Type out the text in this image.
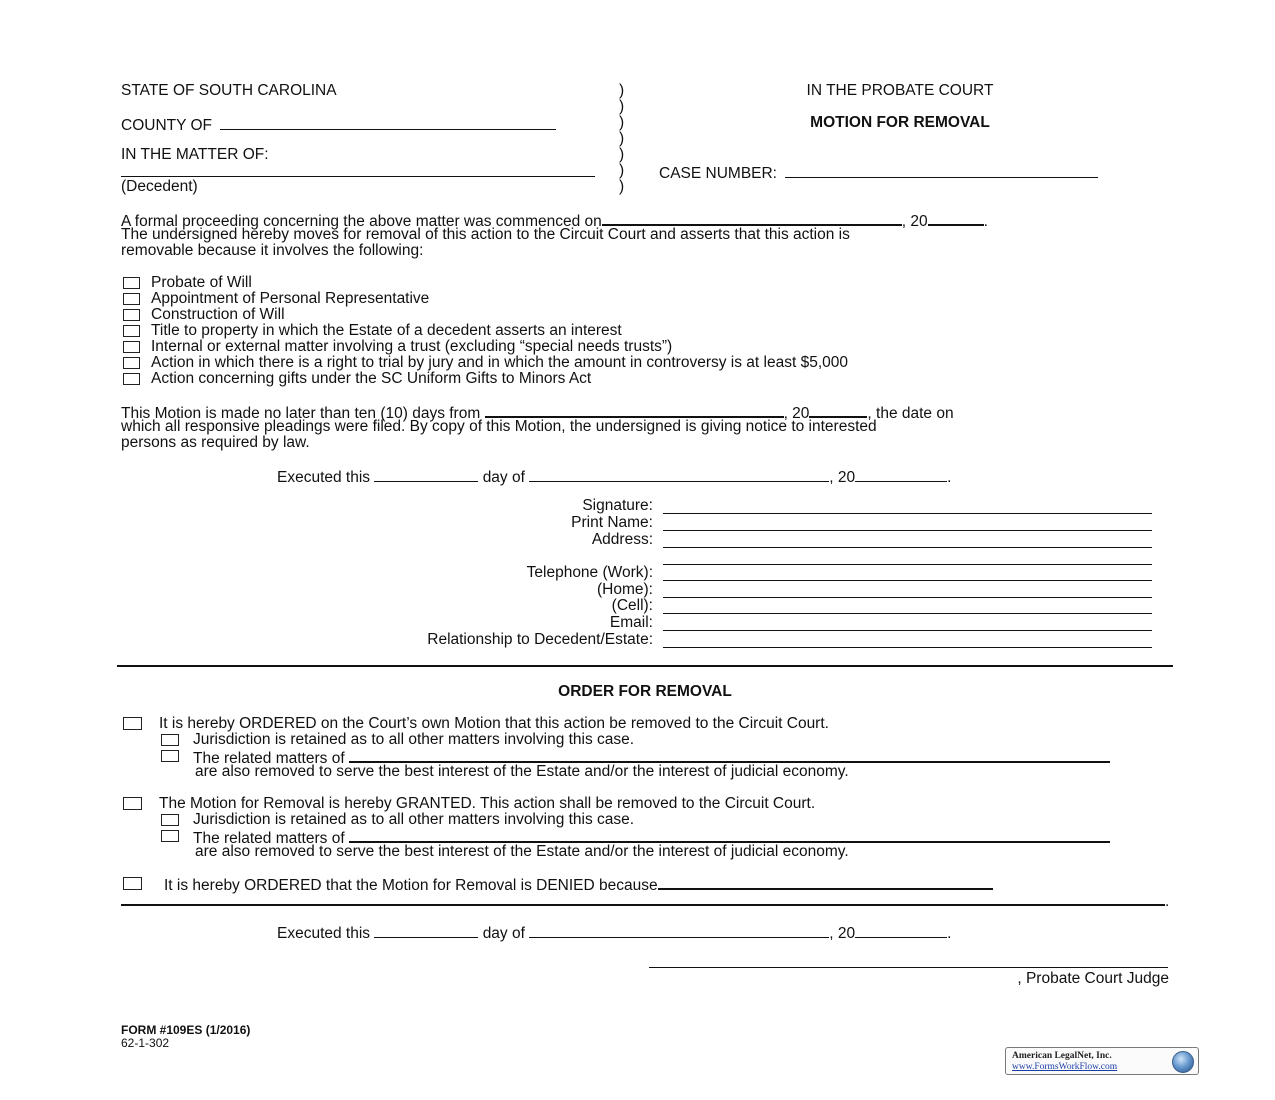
STATE OF SOUTH CAROLINA
COUNTY OF
IN THE MATTER OF:
(Decedent)
)
)
)
)
)
)
)
IN THE PROBATE COURT
MOTION FOR REMOVAL
CASE NUMBER:
A formal proceeding concerning the above matter was commenced on	, 20	.
The undersigned hereby moves for removal of this action to the Circuit Court and asserts that this action is
removable because it involves the following:
Probate of Will
Appointment of Personal Representative
Construction of Will
Title to property in which the Estate of a decedent asserts an interest
Internal or external matter involving a trust (excluding “special needs trusts”)
Action in which there is a right to trial by jury and in which the amount in controversy is at least $5,000
Action concerning gifts under the SC Uniform Gifts to Minors Act
This Motion is made no later than ten (10) days from	, 20	, the date on
which all responsive pleadings were filed. By copy of this Motion, the undersigned is giving notice to interested
persons as required by law.
Executed this	day of	, 20	.
Signature:
Print Name:
Address:
Telephone (Work):
(Home):
(Cell):
Email:
Relationship to Decedent/Estate:
ORDER FOR REMOVAL
It is hereby ORDERED on the Court’s own Motion that this action be removed to the Circuit Court.
Jurisdiction is retained as to all other matters involving this case.
The related matters of
are also removed to serve the best interest of the Estate and/or the interest of judicial economy.
The Motion for Removal is hereby GRANTED. This action shall be removed to the Circuit Court.
Jurisdiction is retained as to all other matters involving this case.
The related matters of
are also removed to serve the best interest of the Estate and/or the interest of judicial economy.
It is hereby ORDERED that the Motion for Removal is DENIED because
.
Executed this	day of	, 20	.
, Probate Court Judge
FORM #109ES (1/2016)
62-1-302
American LegalNet, Inc.
www.FormsWorkFlow.com
